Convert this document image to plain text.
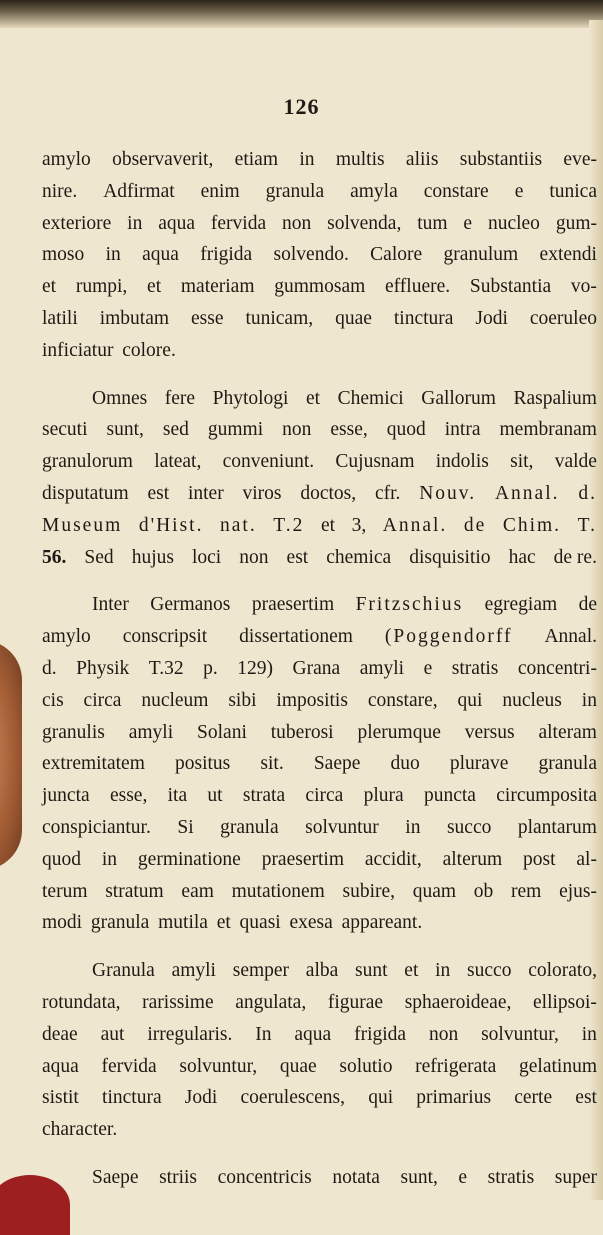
126
amylo observaverit, etiam in multis aliis substantiis eve-
nire. Adfirmat enim granula amyla constare e tunica
exteriore in aqua fervida non solvenda, tum e nucleo gum-
moso in aqua frigida solvendo. Calore granulum extendi
et rumpi, et materiam gummosam effluere. Substantia vo-
latili imbutam esse tunicam, quae tinctura Jodi coeruleo
inficiatur colore.
Omnes fere Phytologi et Chemici Gallorum Raspalium
secuti sunt, sed gummi non esse, quod intra membranam
granulorum lateat, conveniunt. Cujusnam indolis sit, valde
disputatum est inter viros doctos, cfr. Nouv. Annal. d.
Museum d'Hist. nat. T.2 et 3, Annal. de Chim. T.
56. Sed hujus loci non est chemica disquisitio hac de re.
Inter Germanos praesertim Fritzschius egregiam de
amylo conscripsit dissertationem (Poggendorff Annal.
d. Physik T.32 p. 129) Grana amyli e stratis concentri-
cis circa nucleum sibi impositis constare, qui nucleus in
granulis amyli Solani tuberosi plerumque versus alteram
extremitatem positus sit. Saepe duo plurave granula
juncta esse, ita ut strata circa plura puncta circumposita
conspiciantur. Si granula solvuntur in succo plantarum
quod in germinatione praesertim accidit, alterum post al-
terum stratum eam mutationem subire, quam ob rem ejus-
modi granula mutila et quasi exesa appareant.
Granula amyli semper alba sunt et in succo colorato,
rotundata, rarissime angulata, figurae sphaeroideae, ellipsoi-
deae aut irregularis. In aqua frigida non solvuntur, in
aqua fervida solvuntur, quae solutio refrigerata gelatinum
sistit tinctura Jodi coerulescens, qui primarius certe est
character.
Saepe striis concentricis notata sunt, e stratis super
